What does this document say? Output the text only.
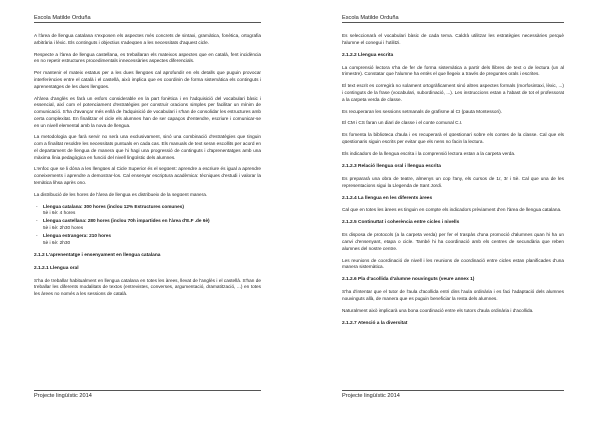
Escola Matilde Orduña

A l'àrea de llengua catalana s'exposen els aspectes més concrets de sintaxi, gramàtica, fonètica, ortografia arbitrària i lèxic. Els continguts i objectius s'adeqüen a les necessitats d'aquest cicle.

Respecte a l'àrea de llengua castellana, es treballaran els mateixos aspectes que en català, fent incidència en no repetir estructures procedimentals innecessàries aspectes diferencials.

Per mantenir el mateix estatus per a les dues llengües cal aprofundir en els detalls que puguin provocar interferències entre el català i el castellà, això implica que es coordinin de forma sistemàtica els continguts i aprenentatges de les dues llengües.

Al'àrea d'anglès es farà un esfors considerable en la part fonètica i en l'adquisició del vocabulari bàsic i essencial, així com el potenciament d'estratègies per construir oracions simples per facilitar un mínim de comunicació. S'ha d'avançar més enllà de l'adquisició de vocabulari i s'han de consolidar les estructures amb certa complexitat. En finalitzar el cicle els alumnes han de ser capaços d'entendre, escriure i comunicar-se en un nivell elemental amb la nova de llengua.

La metodologia que farà servir no serà una exclusivament, sinó una combinació d'estratègies que tinguin com a finalitat resoldre les necessitats puntuals en cada cas. Els manuals de text seran escollits per acord en el departament de llengua de manera que hi hagi una progressió de continguts i d'aprenentatges amb una màxima línia pedagògica en funció del nivell lingüístic dels alumnes.

L'enfoc que se li dóna a les llengües al Cicle Superior és el següent: aprendre a escriure és igual a aprendre coneixements i aprendre a demostrar-los. Cal ensenyar escriptura acadèmica: tècniques d'estudi i valorar la temàtica lihsa après ono.

La distribució de les hores de l'àrea de llengua es distribueix de la següent manera.

- Llengua catalana: 300 hores (inclou 12% Estructures comunes)
5è i 6è: 4 hores
- Llengua castellana: 280 hores (inclou 70h impartides en l'àrea d'E.F .de 6è)
5è i 6è: 2h30 hores
- Llengua estrangera: 210 hores
5è i 6è: 2h30
2.1.2 L'aprenentatge i ensenyament en llengua catalana
2.1.2.1 Llengua oral

S'ha de treballar habitualment en llengua catalana en totes les àrees, llevat de l'anglès i el castellà. S'han de treballar les diferents modalitats de textos (entrevistes, converses, argumentació, dramatització, ...) en totes les àrees no només a les sessions de català.

Projecte lingüístic 2014
Escola Matilde Orduña

Es seleccionarà el vocabulari bàsic de cada tema. Caldrà utilitzar les estratègies necessàries perquè l'alumne el conegui i l'utilitzi.

2.1.2.2 Llengua escrita

La comprensió lectora s'ha de fer de forma sistemàtica a partir dels llibres de text o de lectura (un al trimestre). Constatar que l'alumne ha entès el que llegeix a través de preguntes orals i escrites.

El text escrit es corregirà no solament ortogràficament sinó altres aspectes formals (morfosintaxi, lèxic, ...) i continguts de la frase (vocabulari, subordinació, ...). Les instruccions estan a l'abast de tot el professorat a la carpeta verda de classe.

Es recuperaran les sessions setmanals de grafisme al CI (pauta Montessori).

El CM i CS faran un diari de classe i el conte comunal C.I.

Es fomenta la biblioteca d'aula i es recuperarà el qüestionari sobre els contes de la classe. Cal que els qüestionaris siguin escrits per evitar que els nens no facin la lectura.

Els indicadors de la llengua escrita i la comprensió lectora estan a la carpeta verda.

2.1.2.3 Relació llengua oral i llengua escrita

Es prepararà una obra de teatre, almenys un cop l'any, els cursos de 1r, 3r i 5è. Cal que una de les representacions sigui la Llegenda de Sant Jordi.

2.1.2.4 La llengua en les diferents àrees

Cal que en totes les àrees es tinguin en compte els indicadors prèviament d'en l'àrea de llengua catalana.

2.1.2.5 Continuïtat i coherència entre cicles i nivells

Es disposa de protocols (a la carpeta verda) per fer el traspàs d'una promoció d'alumnes quan hi ha un canvi d'ensenyant, etapa o cicle. També hi ha coordinació amb els centres de secundària que reben alumnes del nostre centre.

Les reunions de coordinació de nivell i les reunions de coordinació entre cicles estan planificades d'una manera sistemàtica.

2.1.2.6 Pla d'acollida d'alumne nouvinguts (veure annex 1)

S'ha d'intentar que el tutor de l'aula d'acollida entri dins l'aula ordinària i es faci l'adaptació dels alumnes nouvinguts allà, de manera que es puguin beneficiar la resta dels alumnes.

Naturalment això implicarà una bona coordinació entre els tutors d'aula ordinària i d'acollida.

2.1.2.7 Atenció a la diversitat
Projecte lingüístic 2014
